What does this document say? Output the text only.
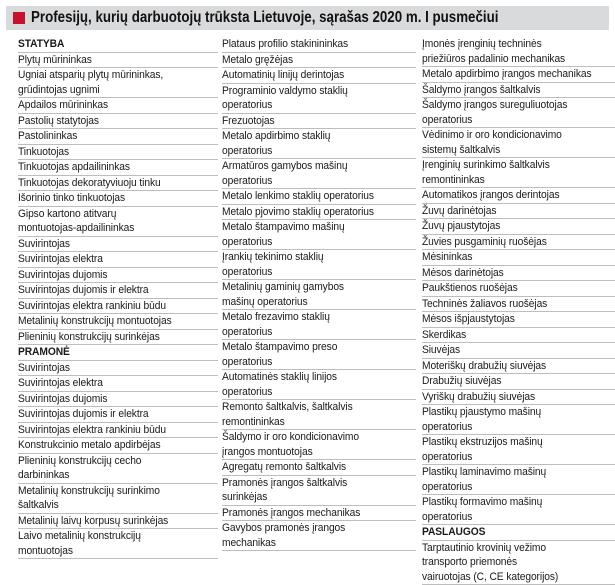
Profesijų, kurių darbuotojų trūksta Lietuvoje, sąrašas 2020 m. I pusmečiui
STATYBA
Plytų mūrininkas
Ugniai atsparių plytų mūrininkas,
grūdintojas ugnimi
Apdailos mūrininkas
Pastolių statytojas
Pastolininkas
Tinkuotojas
Tinkuotojas apdailininkas
Tinkuotojas dekoratyviuoju tinku
Išorinio tinko tinkuotojas
Gipso kartono atitvarų
montuotojas-apdailininkas
Suvirintojas
Suvirintojas elektra
Suvirintojas dujomis
Suvirintojas dujomis ir elektra
Suvirintojas elektra rankiniu būdu
Metalinių konstrukcijų montuotojas
Plieninių konstrukcijų surinkėjas
PRAMONĖ
Suvirintojas
Suvirintojas elektra
Suvirintojas dujomis
Suvirintojas dujomis ir elektra
Suvirintojas elektra rankiniu būdu
Konstrukcinio metalo apdirbėjas
Plieninių konstrukcijų cecho
darbininkas
Metalinių konstrukcijų surinkimo
šaltkalvis
Metalinių laivų korpusų surinkėjas
Laivo metalinių konstrukcijų
montuotojas
Plataus profilio stakinininkas
Metalo gręžėjas
Automatinių linijų derintojas
Programinio valdymo staklių
operatorius
Frezuotojas
Metalo apdirbimo staklių
operatorius
Armatūros gamybos mašinų
operatorius
Metalo lenkimo staklių operatorius
Metalo pjovimo staklių operatorius
Metalo štampavimo mašinų
operatorius
Įrankių tekinimo staklių
operatorius
Metalinių gaminių gamybos
mašinų operatorius
Metalo frezavimo staklių
operatorius
Metalo štampavimo preso
operatorius
Automatinės staklių linijos
operatorius
Remonto šaltkalvis, šaltkalvis
remontininkas
Šaldymo ir oro kondicionavimo
įrangos montuotojas
Agregatų remonto šaltkalvis
Pramonės įrangos šaltkalvis
surinkėjas
Pramonės įrangos mechanikas
Gavybos pramonės įrangos
mechanikas
Įmonės įrenginių techninės
priežiūros padalinio mechanikas
Metalo apdirbimo įrangos mechanikas
Šaldymo įrangos šaltkalvis
Šaldymo įrangos sureguliuotojas
operatorius
Vėdinimo ir oro kondicionavimo
sistemų šaltkalvis
Įrenginių surinkimo šaltkalvis
remontininkas
Automatikos įrangos derintojas
Žuvų darinėtojas
Žuvų pjaustytojas
Žuvies pusgaminių ruošėjas
Mėsininkas
Mėsos darinėtojas
Paukštienos ruošėjas
Techninės žaliavos ruošėjas
Mėsos išpjaustytojas
Skerdikas
Siuvėjas
Moteriškų drabužių siuvėjas
Drabužių siuvėjas
Vyriškų drabužių siuvėjas
Plastikų pjaustymo mašinų
operatorius
Plastikų ekstruzijos mašinų
operatorius
Plastikų laminavimo mašinų
operatorius
Plastikų formavimo mašinų
operatorius
PASLAUGOS
Tarptautinio krovinių vežimo
transporto priemonės
vairuotojas (C, CE kategorijos)
